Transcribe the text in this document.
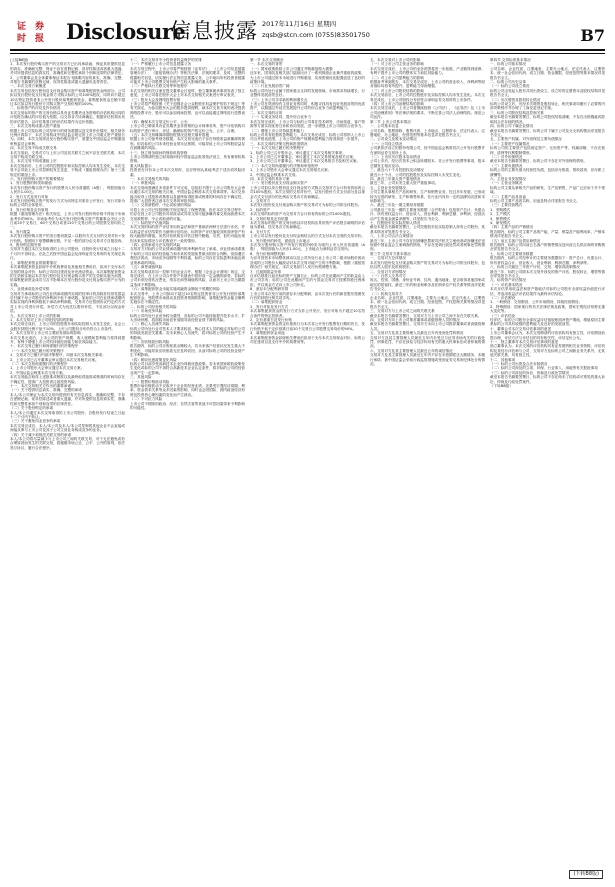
证	券
时	报 Disclosure
信息披露 2017年11月16日 星期四
zqsb@stcn.com (0755)83501750	B7
(上接B6版)
1、本次发行股份购买资产的交易对方已出具承诺函，保证其所提供信息的真实、准确和完整，保证不存在虚假记载、误导性陈述或者重大遗漏，并对所提供信息的真实性、准确性和完整性承担个别和连带的法律责任。
2、公司董事会及全体董事保证本报告书摘要内容的真实、准确、完整，对报告书摘要的虚假记载、误导性陈述或重大遗漏负连带责任。
一、本次交易方案概述
本次交易包括发行股份及支付现金购买资产和募集配套资金两部分。公司拟以发行股份及支付现金的方式购买标的公司100%股权，同时向不超过10名特定投资者非公开发行股份募集配套资金，募集配套资金总额不超过本次拟以发行股份方式购买资产交易价格的100%。
二、标的资产的评估及作价情况
本次交易标的资产的交易价格以具有证券期货业务资格的评估机构出具的评估报告确认的评估值为依据，由交易各方协商确定。根据评估机构出具的评估报告，以评估基准日的评估结果作为定价依据。
三、本次交易构成重大资产重组
根据上市公司及标的公司经审计的财务数据以及交易作价情况，相关财务比例计算如下，本次交易构成中国证监会规定的上市公司重大资产重组行为。同时，本次交易涉及发行股份购买资产，需提交中国证监会并购重组审核委员会审核。
四、本次交易不构成关联交易
本次交易前，交易对方与上市公司及其关联方之间不存在关联关系，本次交易不构成关联交易。
五、本次交易不构成重组上市
本次交易前后，上市公司的控股股东和实际控制人均未发生变化，本次交易不会导致上市公司控制权发生变更，不构成《重组管理办法》第十三条规定的重组上市。
六、发行股份购买资产的简要情况
1、发行股票的种类和面值
本次发行股份购买资产发行的股票为人民币普通股（A股），每股面值为人民币1.00元。
2、发行方式及发行对象
本次发行股份购买资产的发行方式为向特定对象非公开发行，发行对象为标的公司的全体股东。
3、发行价格及定价原则
根据《重组管理办法》相关规定，上市公司发行股份的价格不得低于市场参考价的90%。市场参考价为本次发行股份购买资产的董事会决议公告日前20个交易日、60个交易日或者120个交易日的公司股票交易均价之一。
4、发行数量
本次发行股份购买资产的发行股份数量＝以股份方式支付的交易对价÷发行价格。按照向下取整精确至股，不足一股的部分由交易对方自愿放弃。
5、股份锁定期安排
交易对方通过本次交易取得的上市公司股份，自股份发行结束之日起十二个月内不得转让。在此之后按中国证监会及深圳证券交易所的有关规定执行。
七、募集配套资金的简要情况
本次募集配套资金扣除中介机构费用及其他相关费用后，拟用于支付本次交易的现金对价、标的公司项目建设及补充流动资金。本次募集配套资金的生效和实施以本次发行股份及支付现金购买资产的生效和实施为前提，但募集配套资金成功与否不影响本次发行股份及支付现金购买资产行为的实施。
八、业绩承诺及补偿安排
交易对方承诺标的公司在业绩承诺期内实现的经审计的扣除非经常性损益后归属于母公司股东的净利润不低于承诺数。如标的公司在业绩承诺期内实际实现的净利润数低于承诺净利润数，交易对方应按照协议约定的方式对上市公司进行补偿。补偿方式为优先以股份补偿，不足部分以现金补偿。
九、本次交易对上市公司的影响
1、本次交易对上市公司股权结构的影响
本次交易完成后，上市公司的控股股东和实际控制人未发生变化，社会公众股东持股比例不低于10%，上市公司股权分布仍符合上市条件。
2、本次交易对上市公司主要财务指标的影响
本次交易完成后，上市公司的资产规模、收入规模和盈利能力将得到提升，有利于增强上市公司的持续经营能力和抗风险能力。
十、本次交易已履行和尚需履行的决策程序
（一）本次交易已履行的决策程序
1、交易对方已履行内部决策程序，同意本次交易相关事项；
2、上市公司已召开董事会审议通过本次交易相关议案。
（二）本次交易尚需履行的决策程序
1、上市公司股东大会审议通过本次交易方案；
2、中国证监会核准本次交易方案。
本次交易能否取得上述批准或核准以及最终取得批准或核准的时间均存在不确定性，提请广大投资者注意投资风险。
十一、本次交易相关方作出的重要承诺
（一）关于提供信息真实、准确、完整的承诺
本人/本公司保证为本次交易所提供的有关信息真实、准确和完整，不存在虚假记载、误导性陈述或者重大遗漏，并对所提供信息的真实性、准确性和完整性承担个别和连带的法律责任。
（二）关于股份锁定的承诺
本人/本公司通过本次交易取得的上市公司股份，自股份发行结束之日起十二个月内不转让。
（三）关于避免同业竞争的承诺
本次交易完成后，本人/本公司及本人/本公司控制的其他企业不会直接或间接从事与上市公司及其子公司主营业务构成竞争的业务。
（四）关于减少和规范关联交易的承诺
本人/本公司将尽量减少与上市公司之间的关联交易，对于无法避免或有合理原因而发生的关联交易，将遵循市场公正、公平、公开的原则，依法签订协议，履行合法程序。
十二、本次交易对中小投资者权益保护的安排
（一）严格履行上市公司信息披露义务
本次交易过程中，上市公司将严格按照《证券法》、《上市公司信息披露管理办法》、《重组管理办法》等相关法律、法规的要求，及时、完整的披露相关信息，切实履行法定的信息披露义务，公平地向所有投资者披露可能对上市公司股票交易价格产生较大影响的重大事件。
（二）严格执行关联交易等审批程序
本次交易的相关议案在提交董事会讨论时，独立董事就该事项发表了独立意见。上市公司将在股东大会上对本次交易相关议案进行审议表决。
（三）股东大会及网络投票安排
上市公司将严格按照《关于加强社会公众股股东权益保护的若干规定》等有关规定，为参加股东大会的股东提供便利，就本次交易方案的表决提供网络投票平台，股东可以参加现场投票，也可以直接通过网络进行投票表决。
（四）确保本次交易定价公平、公允
上市公司已聘请具有证券期货业务资格的会计师事务所、资产评估机构对标的资产进行审计、评估，确保标的资产的定价公允、公平、合理。
（五）本次交易摊薄即期回报情况及相关填补措施
根据上市公司备考财务数据，本次交易完成后不存在每股收益被摊薄的情形。但若标的公司未来经营业绩未达预期，可能导致上市公司每股收益存在被摊薄的风险。
十三、独立财务顾问的保荐机构资格
上市公司聘请的独立财务顾问经中国证监会批准依法设立，具有保荐机构资格。
重大风险提示
投资者在评价本公司本次交易时，还应特别认真地考虑下述各项风险因素。
一、本次交易相关的风险
（一）审批风险
本次交易尚需满足多项条件方可完成，包括但不限于上市公司股东大会审议通过本次交易的相关议案、中国证监会核准本次交易事项等。本次交易能否取得上述批准或核准以及最终取得批准或核准的时间存在不确定性，提请广大投资者注意本次交易的审批风险。
（二）交易被暂停、中止或取消的风险
尽管上市公司已经按照相关规定制定了保密措施，但在本次交易过程中，仍存在因上市公司股价异常波动或异常交易可能涉嫌内幕交易而致使本次交易被暂停、中止或取消的可能。
（三）标的资产估值风险
本次交易的标的资产评估采用收益法和资产基础法两种方法进行评估，并以收益法评估结果作为最终评估结论。标的资产评估值较其账面净资产有较大幅度的增值。虽然评估机构在评估过程中勤勉、尽责，但仍可能出现因未来实际情况与评估假设不一致的情形。
（四）业绩承诺无法实现的风险
交易对方对标的公司业绩承诺期内的净利润作出了承诺。该业绩承诺系基于标的公司目前的经营能力和未来的发展前景做出的综合判断，但如遇宏观经济波动、市场竞争加剧等不利因素，标的公司存在实际盈利未能达到业绩承诺的风险。
（五）商誉减值风险
本次交易构成非同一控制下的企业合并。根据《企业会计准则》规定，交易完成后，在上市公司合并资产负债表中将形成一定金额的商誉。若标的公司未来经营状况恶化，则存在商誉减值的风险，从而对上市公司当期损益造成不利影响。
（六）募集配套资金未能实施或融资金额低于预期的风险
本次交易中，上市公司拟向不超过10名特定投资者非公开发行股份募集配套资金。受股票市场波动及投资者预期的影响，募集配套资金能否顺利实施存在不确定性。
二、标的公司经营相关的风险
（一）市场竞争风险
标的公司所处行业竞争较为激烈，若标的公司不能持续提升技术水平、扩大市场份额，将面临市场竞争加剧导致经营业绩下滑的风险。
（二）核心人员流失风险
标的公司所处行业对技术人才要求较高，核心技术人员的稳定对标的公司的持续发展至关重要。若未来核心人员流失，将对标的公司的经营产生不利影响。
（三）应收账款回收风险
报告期内，标的公司应收账款余额较大，若未来客户经营状况发生重大不利变化，可能导致应收账款无法及时收回，从而对标的公司的经营业绩产生不利影响。
（四）税收优惠政策变化风险
标的公司目前享受高新技术企业所得税优惠政策。若未来国家税收政策发生变化或标的公司不再符合高新技术企业认定条件，将对标的公司的经营业绩产生一定影响。
三、其他风险
（一）股票价格波动风险
股票市场价格波动不仅取决于企业的经营业绩，还要受宏观经济周期、利率、资金供求关系等众多因素的影响，同时也会因国际、国内政治经济形势及投资者心理因素的变化而产生波动。
（二）不可抗力风险
上市公司不排除因政治、经济、自然灾害等其他不可控因素带来不利影响的可能性。
第一节 本次交易概况
一、本次交易的背景
（一）国家政策鼓励上市公司通过并购重组做大做强
近年来，国务院及相关部门陆续出台了一系列鼓励企业兼并重组的政策，为上市公司通过资本市场进行并购重组、实现资源优化配置创造了良好的政策环境。
（二）行业发展前景广阔
标的公司所处行业属于国家重点支持的发展领域，市场需求持续增长，行业整体发展前景良好。
（三）上市公司寻求新的利润增长点
上市公司在巩固现有主营业务的同时，积极寻找具有良好发展前景的优质资产，以期通过外延式发展提升公司的综合竞争力和盈利能力。
二、本次交易的目的
（一）实现业务协同，提升综合竞争力
本次交易完成后，上市公司与标的公司将在技术研发、市场渠道、客户资源等方面实现优势互补和协同发展，进一步增强上市公司的综合竞争力。
（二）增强上市公司持续盈利能力
标的公司具有较强的盈利能力，本次交易完成后，标的公司将纳入上市公司合并报表范围，上市公司的资产规模和盈利能力将得到进一步提升。
三、本次交易的决策过程和批准情况
（一）本次交易已履行的决策程序
1、标的公司已召开股东会，审议通过了本次交易相关事项；
2、上市公司已召开董事会，审议通过了本次交易预案及相关议案；
3、上市公司已召开董事会，审议通过了本次交易报告书及相关议案。
（二）本次交易尚需履行的决策和审批程序
1、上市公司股东大会审议通过本次交易相关议案；
2、中国证监会核准本次交易。
四、本次交易的具体方案
（一）发行股份及支付现金购买资产
上市公司拟以发行股份及支付现金的方式购买交易对方合计持有的标的公司100%股权。本次交易的交易对价中，以发行股份方式支付部分及以现金方式支付部分的比例由交易各方协商确定。
1、交易对方
本次发行股份及支付现金购买资产的交易对方为标的公司的全体股东。
2、标的资产
本次交易的标的资产为交易对方合计持有的标的公司100%股权。
3、交易价格及定价依据
本次交易标的资产的交易价格以评估机构出具的资产评估报告载明的评估值为基础，经交易各方协商确定。
4、支付方式
上市公司以发行股份及支付现金相结合的方式支付本次交易的交易对价。
5、发行股份的种类、面值及上市地点
本次发行股份购买资产所发行的股份种类为境内上市人民币普通股（A股），每股面值为人民币1.00元，上市地点为深圳证券交易所。
6、发行价格调整机制
为应对因资本市场整体波动以及公司所处行业上市公司二级市场股价波动造成的公司股价大幅波动对本次交易可能产生的不利影响，根据《重组管理办法》相关规定，本次交易拟引入发行价格调整方案。
7、过渡期损益安排
自评估基准日起至标的资产交割日止，标的公司在此期间产生的收益由上市公司享有；标的公司在此期间产生的亏损由交易对方按照持股比例承担，并以现金方式向上市公司补足。
8、滚存未分配利润安排
上市公司本次发行前的滚存未分配利润，由本次发行后的新老股东按照发行后的持股比例共同享有。
（二）募集配套资金
1、发行对象及发行方式
本次募集配套资金的发行方式为非公开发行，发行对象为不超过10名符合条件的特定投资者。
2、定价基准日及发行价格
本次募集配套资金的定价基准日为本次非公开发行股票发行期的首日，发行价格不低于定价基准日前20个交易日公司股票交易均价的90%。
3、募集配套资金用途
本次募集配套资金扣除相关费用后拟用于支付本次交易现金对价、标的公司在建项目及支付中介机构费用等。
五、本次交易对上市公司的影响
（一）对上市公司主营业务的影响
本次交易完成后，上市公司的业务范围将进一步拓展，产业链得到延伸，有利于提升上市公司的整体实力和抗风险能力。
（二）对上市公司盈利能力的影响
根据备考审阅报告，本次交易完成后，上市公司的营业收入、净利润等财务指标均将有所提升，盈利能力得到增强。
（三）对上市公司股权结构的影响
本次交易前后，上市公司的控股股东及实际控制人均未发生变化。本次交易完成后，上市公司股权分布仍符合深圳证券交易所的上市条件。
（四）对上市公司治理结构的影响
本次交易完成后，上市公司将继续按照《公司法》、《证券法》及《上市公司治理准则》等法律法规的要求，不断完善公司法人治理结构，规范公司运作。
第二节 上市公司基本情况
一、公司基本信息
公司名称、股票简称、股票代码、上市地点、注册资本、法定代表人、注册地址、办公地址、经营范围等基本信息详见报告书全文。
二、公司设立及股本变动情况
（一）公司设立情况
公司系依法设立的股份有限公司，经中国证监会核准首次公开发行股票并在深圳证券交易所上市。
（二）上市后历次股本变动情况
公司上市后，经历次资本公积金转增股本、非公开发行股票等事项，股本总额发生相应变动。
三、最近六十个月控股权变动情况
最近六十个月，公司的控股股东及实际控制人未发生变化。
四、最近三年重大资产重组情况
最近三年，公司未发生重大资产重组事项。
五、主营业务发展情况
公司主要从事相关产品的研发、生产和销售业务，经过多年发展，已形成较为完善的研发、生产和销售体系，在行业内具有一定的品牌知名度和市场影响力。
六、最近三年及一期主要财务数据
公司最近三年及一期的主要财务数据（合并报表）包括资产总计、负债合计、所有者权益合计、营业收入、营业利润、利润总额、净利润、经营活动产生的现金流量净额等，详见报告书全文。
七、控股股东及实际控制人情况
截至本报告书摘要签署日，公司控股股东及实际控制人持有公司股份，其基本情况详见报告书全文。
八、上市公司合法合规情况
最近三年，上市公司不存在因涉嫌犯罪被司法机关立案侦查或涉嫌违法违规被中国证监会立案调查的情形，不存在受到行政处罚或者刑事处罚的情形。
第三节 交易对方基本情况
一、交易对方总体情况
本次发行股份及支付现金购买资产的交易对方为标的公司的全体股东，包括自然人股东及机构股东。
二、交易对方详细情况
（一）自然人交易对方
姓名、性别、国籍、身份证号码、住所、通讯地址、是否取得其他国家或地区的居留权、最近三年的职业和职务及任职单位产权关系等情况详见报告书全文。
（二）机构交易对方
企业名称、企业性质、注册地址、主要办公地点、法定代表人、注册资本、统一社会信用代码、成立日期、经营范围、产权控制关系等情况详见报告书全文。
三、交易对方与上市公司之间的关联关系
截至本报告书摘要签署日，交易对方与上市公司之间不存在关联关系。
四、交易对方向上市公司推荐董事或高级管理人员的情况
截至本报告书摘要签署日，交易对方未向上市公司推荐董事或者高级管理人员。
五、交易对方及其主要管理人员最近五年内受到处罚的情况
交易对方及其主要管理人员最近五年内未受过与证券市场有关的行政处罚、刑事处罚，不存在涉及与经济纠纷有关的重大民事诉讼或者仲裁的情况。
六、交易对方及其主要管理人员最近五年的诚信情况
交易对方及其主要管理人员最近五年内不存在未按期偿还大额债务、未履行承诺、被中国证监会采取行政监管措施或受到证券交易所纪律处分的情况。
第四节 交易标的基本情况
一、标的公司基本情况
公司名称、企业性质、注册地址、主要办公地点、法定代表人、注册资本、统一社会信用代码、成立日期、营业期限、经营范围等基本情况详见报告书全文。
二、标的公司历史沿革
（一）标的公司设立情况
标的公司由发起人股东共同出资设立，设立时的注册资本及股权结构详见报告书全文。
（二）历次增资及股权转让情况
标的公司设立后，历经多次增资及股权转让，相关事项均履行了必要的内部决策程序并办理了工商变更登记手续。
三、标的公司股权结构及控制关系
截至本报告书摘要签署日，标的公司股权结构清晰，不存在出资瑕疵或影响其合法存续的情况。
四、标的公司下属企业情况
截至本报告书摘要签署日，标的公司下属子公司及分支机构情况详见报告书全文。
五、主要资产权属、对外担保及主要负债情况
（一）主要资产权属情况
标的公司的主要资产包括固定资产、无形资产等，权属清晰，不存在抵押、质押等权利限制情形。
（二）对外担保情况
截至本报告书摘要签署日，标的公司不存在对外担保的情形。
（三）主要负债情况
标的公司的主要负债为经营性负债，包括应付账款、预收款项、应付职工薪酬等。
六、主营业务发展情况
（一）主营业务概况
标的公司主要从事相关产品的研发、生产及销售，产品广泛应用于多个领域。
（二）主要产品及用途
标的公司主要产品的名称、用途及特点详见报告书全文。
（三）主要经营模式
1、采购模式
2、生产模式
3、销售模式
4、研发模式
（四）主要产品的产销情况
报告期内，标的公司主要产品的产能、产量、销量及产能利用率、产销率情况详见报告书全文。
（五）前五名客户及供应商情况
报告期内，标的公司向前五名客户的销售情况及向前五名供应商的采购情况详见报告书全文。
七、标的公司主要财务数据
报告期内，标的公司经审计的主要财务数据如下：资产总计、负债合计、所有者权益合计、营业收入、营业利润、利润总额、净利润等。
八、标的公司最近三年资产评估、交易、增资或改制情况
最近三年，标的公司除本次交易外涉及的资产评估、股权转让、增资等情况详见报告书全文。
九、标的资产评估情况
（一）评估基本情况
本次评估采用收益法和资产基础法对标的公司股东全部权益价值进行评估，并选用收益法评估结果作为最终评估结论。
（二）评估假设
1、一般假设：交易假设、公开市场假设、持续经营假设；
2、特殊假设：国家现行的有关法律法规及政策、国家宏观经济形势无重大变化等。
（三）评估结论
经评估，标的公司股东全部权益评估值较账面净资产增值，增值原因主要系标的公司具有较强的盈利能力及良好的发展前景。
十、董事会对本次交易评估事项的意见
上市公司董事会认为，本次交易聘请的评估机构具有独立性，评估假设前提合理，评估方法与评估目的具有相关性，评估定价公允。
十一、独立董事对本次交易评估事项的意见
独立董事认为，本次交易的评估机构具有证券期货相关业务资格，评估机构及其经办评估师与公司、交易对方及标的公司之间除业务关系外，无其他关联关系，具有独立性。
十二、其他事项
（一）标的公司出资及合法存续情况
（二）标的公司涉及的立项、环保、行业准入、用地等有关报批事项
（三）标的公司涉及的诉讼、仲裁及行政处罚情况
截至本报告书摘要签署日，标的公司不存在尚未了结的或可预见的重大诉讼、仲裁及行政处罚案件。
（下转B8版）
(下转B8版)
